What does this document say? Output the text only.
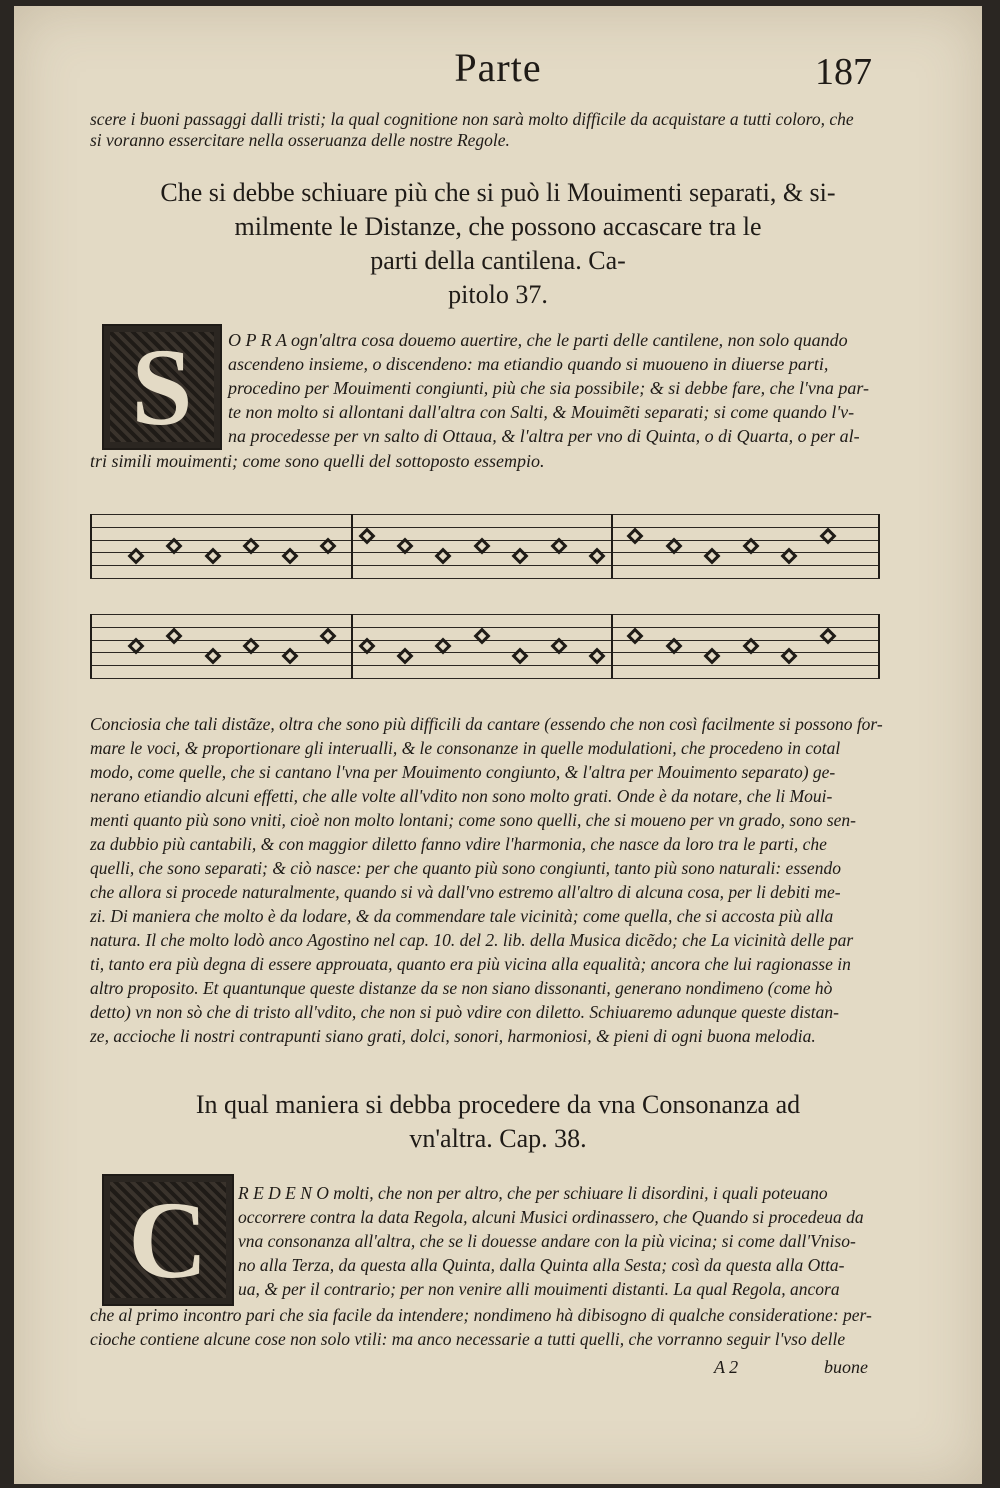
Parte	187
scere i buoni passaggi dalli tristi; la qual cognitione non sarà molto difficile da acquistare a tutti coloro, che
si voranno essercitare nella osseruanza delle nostre Regole.
Che si debbe schiuare più che si può li Mouimenti separati, & si-
milmente le Distanze, che possono accascare tra le
parti della cantilena. Ca-
pitolo 37.
S	O P R A ogn'altra cosa douemo auertire, che le parti delle cantilene, non solo quando
ascendeno insieme, o discendeno: ma etiandio quando si muoueno in diuerse parti,
procedino per Mouimenti congiunti, più che sia possibile; & si debbe fare, che l'vna par-
te non molto si allontani dall'altra con Salti, & Mouimẽti separati; si come quando l'v-
na procedesse per vn salto di Ottaua, & l'altra per vno di Quinta, o di Quarta, o per al-
tri simili mouimenti; come sono quelli del sottoposto essempio.
Conciosia che tali distãze, oltra che sono più difficili da cantare (essendo che non così facilmente si possono for-
mare le voci, & proportionare gli interualli, & le consonanze in quelle modulationi, che procedeno in cotal
modo, come quelle, che si cantano l'vna per Mouimento congiunto, & l'altra per Mouimento separato) ge-
nerano etiandio alcuni effetti, che alle volte all'vdito non sono molto grati. Onde è da notare, che li Moui-
menti quanto più sono vniti, cioè non molto lontani; come sono quelli, che si moueno per vn grado, sono sen-
za dubbio più cantabili, & con maggior diletto fanno vdire l'harmonia, che nasce da loro tra le parti, che
quelli, che sono separati; & ciò nasce: per che quanto più sono congiunti, tanto più sono naturali: essendo
che allora si procede naturalmente, quando si và dall'vno estremo all'altro di alcuna cosa, per li debiti me-
zi. Di maniera che molto è da lodare, & da commendare tale vicinità; come quella, che si accosta più alla
natura. Il che molto lodò anco Agostino nel cap. 10. del 2. lib. della Musica dicẽdo; che La vicinità delle par
ti, tanto era più degna di essere approuata, quanto era più vicina alla equalità; ancora che lui ragionasse in
altro proposito. Et quantunque queste distanze da se non siano dissonanti, generano nondimeno (come hò
detto) vn non sò che di tristo all'vdito, che non si può vdire con diletto. Schiuaremo adunque queste distan-
ze, accioche li nostri contrapunti siano grati, dolci, sonori, harmoniosi, & pieni di ogni buona melodia.
In qual maniera si debba procedere da vna Consonanza ad
vn'altra. Cap. 38.
C	R E D E N O molti, che non per altro, che per schiuare li disordini, i quali poteuano
occorrere contra la data Regola, alcuni Musici ordinassero, che Quando si procedeua da
vna consonanza all'altra, che se li douesse andare con la più vicina; si come dall'Vniso-
no alla Terza, da questa alla Quinta, dalla Quinta alla Sesta; così da questa alla Otta-
ua, & per il contrario; per non venire alli mouimenti distanti. La qual Regola, ancora
che al primo incontro pari che sia facile da intendere; nondimeno hà dibisogno di qualche consideratione: per-
cioche contiene alcune cose non solo vtili: ma anco necessarie a tutti quelli, che vorranno seguir l'vso delle
A 2	buone
